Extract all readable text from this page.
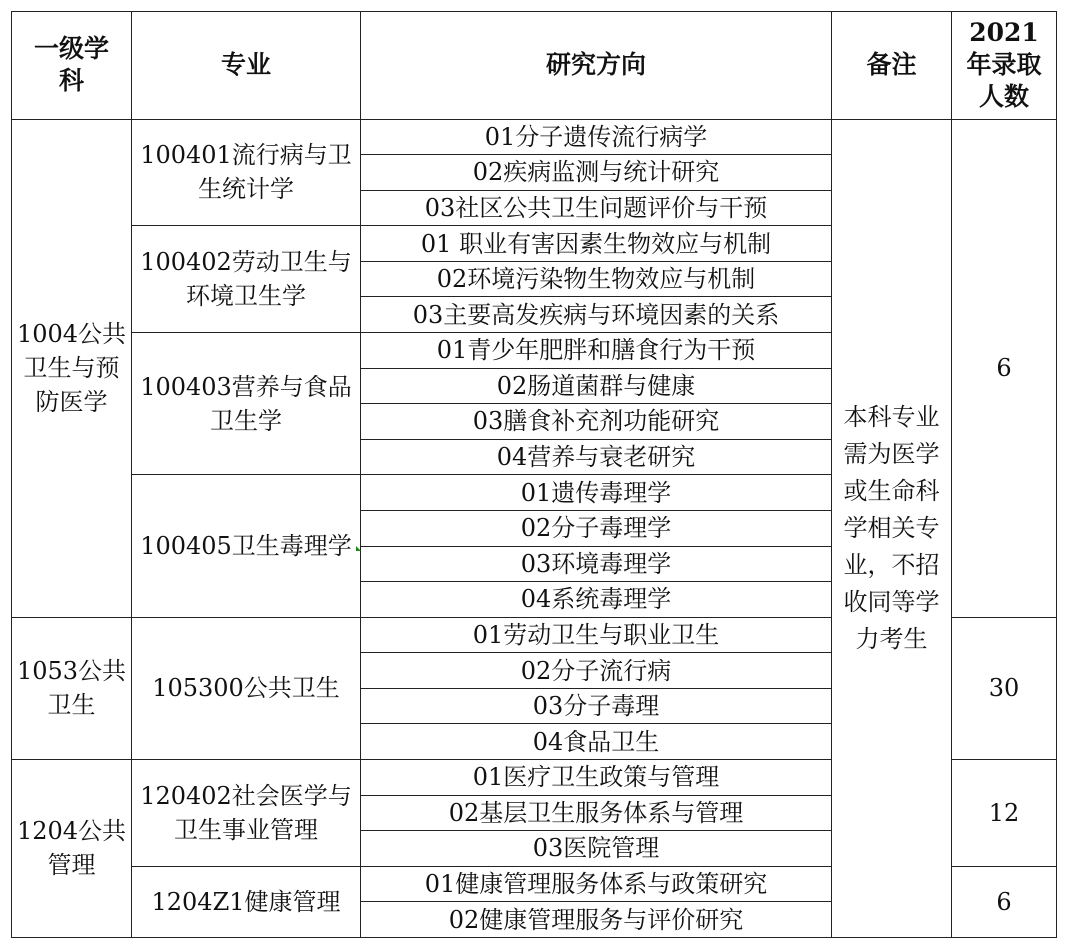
一级学科	专业	研究方向	备注	2021年录取人数
1004公共卫生与预防医学	100401流行病与卫生统计学	01分子遗传流行病学	本科专业需为医学或生命科学相关专业，不招收同等学力考生	6
		02疾病监测与统计研究		
		03社区公共卫生问题评价与干预		
	100402劳动卫生与环境卫生学	01 职业有害因素生物效应与机制		
		02环境污染物生物效应与机制		
		03主要高发疾病与环境因素的关系		
	100403营养与食品卫生学	01青少年肥胖和膳食行为干预		
		02肠道菌群与健康		
		03膳食补充剂功能研究		
		04营养与衰老研究		
	100405卫生毒理学	01遗传毒理学		
		02分子毒理学		
		03环境毒理学		
		04系统毒理学		
1053公共卫生	105300公共卫生	01劳动卫生与职业卫生		30
		02分子流行病		
		03分子毒理		
		04食品卫生		
1204公共管理	120402社会医学与卫生事业管理	01医疗卫生政策与管理		12
		02基层卫生服务体系与管理		
		03医院管理		
	1204Z1健康管理	01健康管理服务体系与政策研究		6
		02健康管理服务与评价研究		
